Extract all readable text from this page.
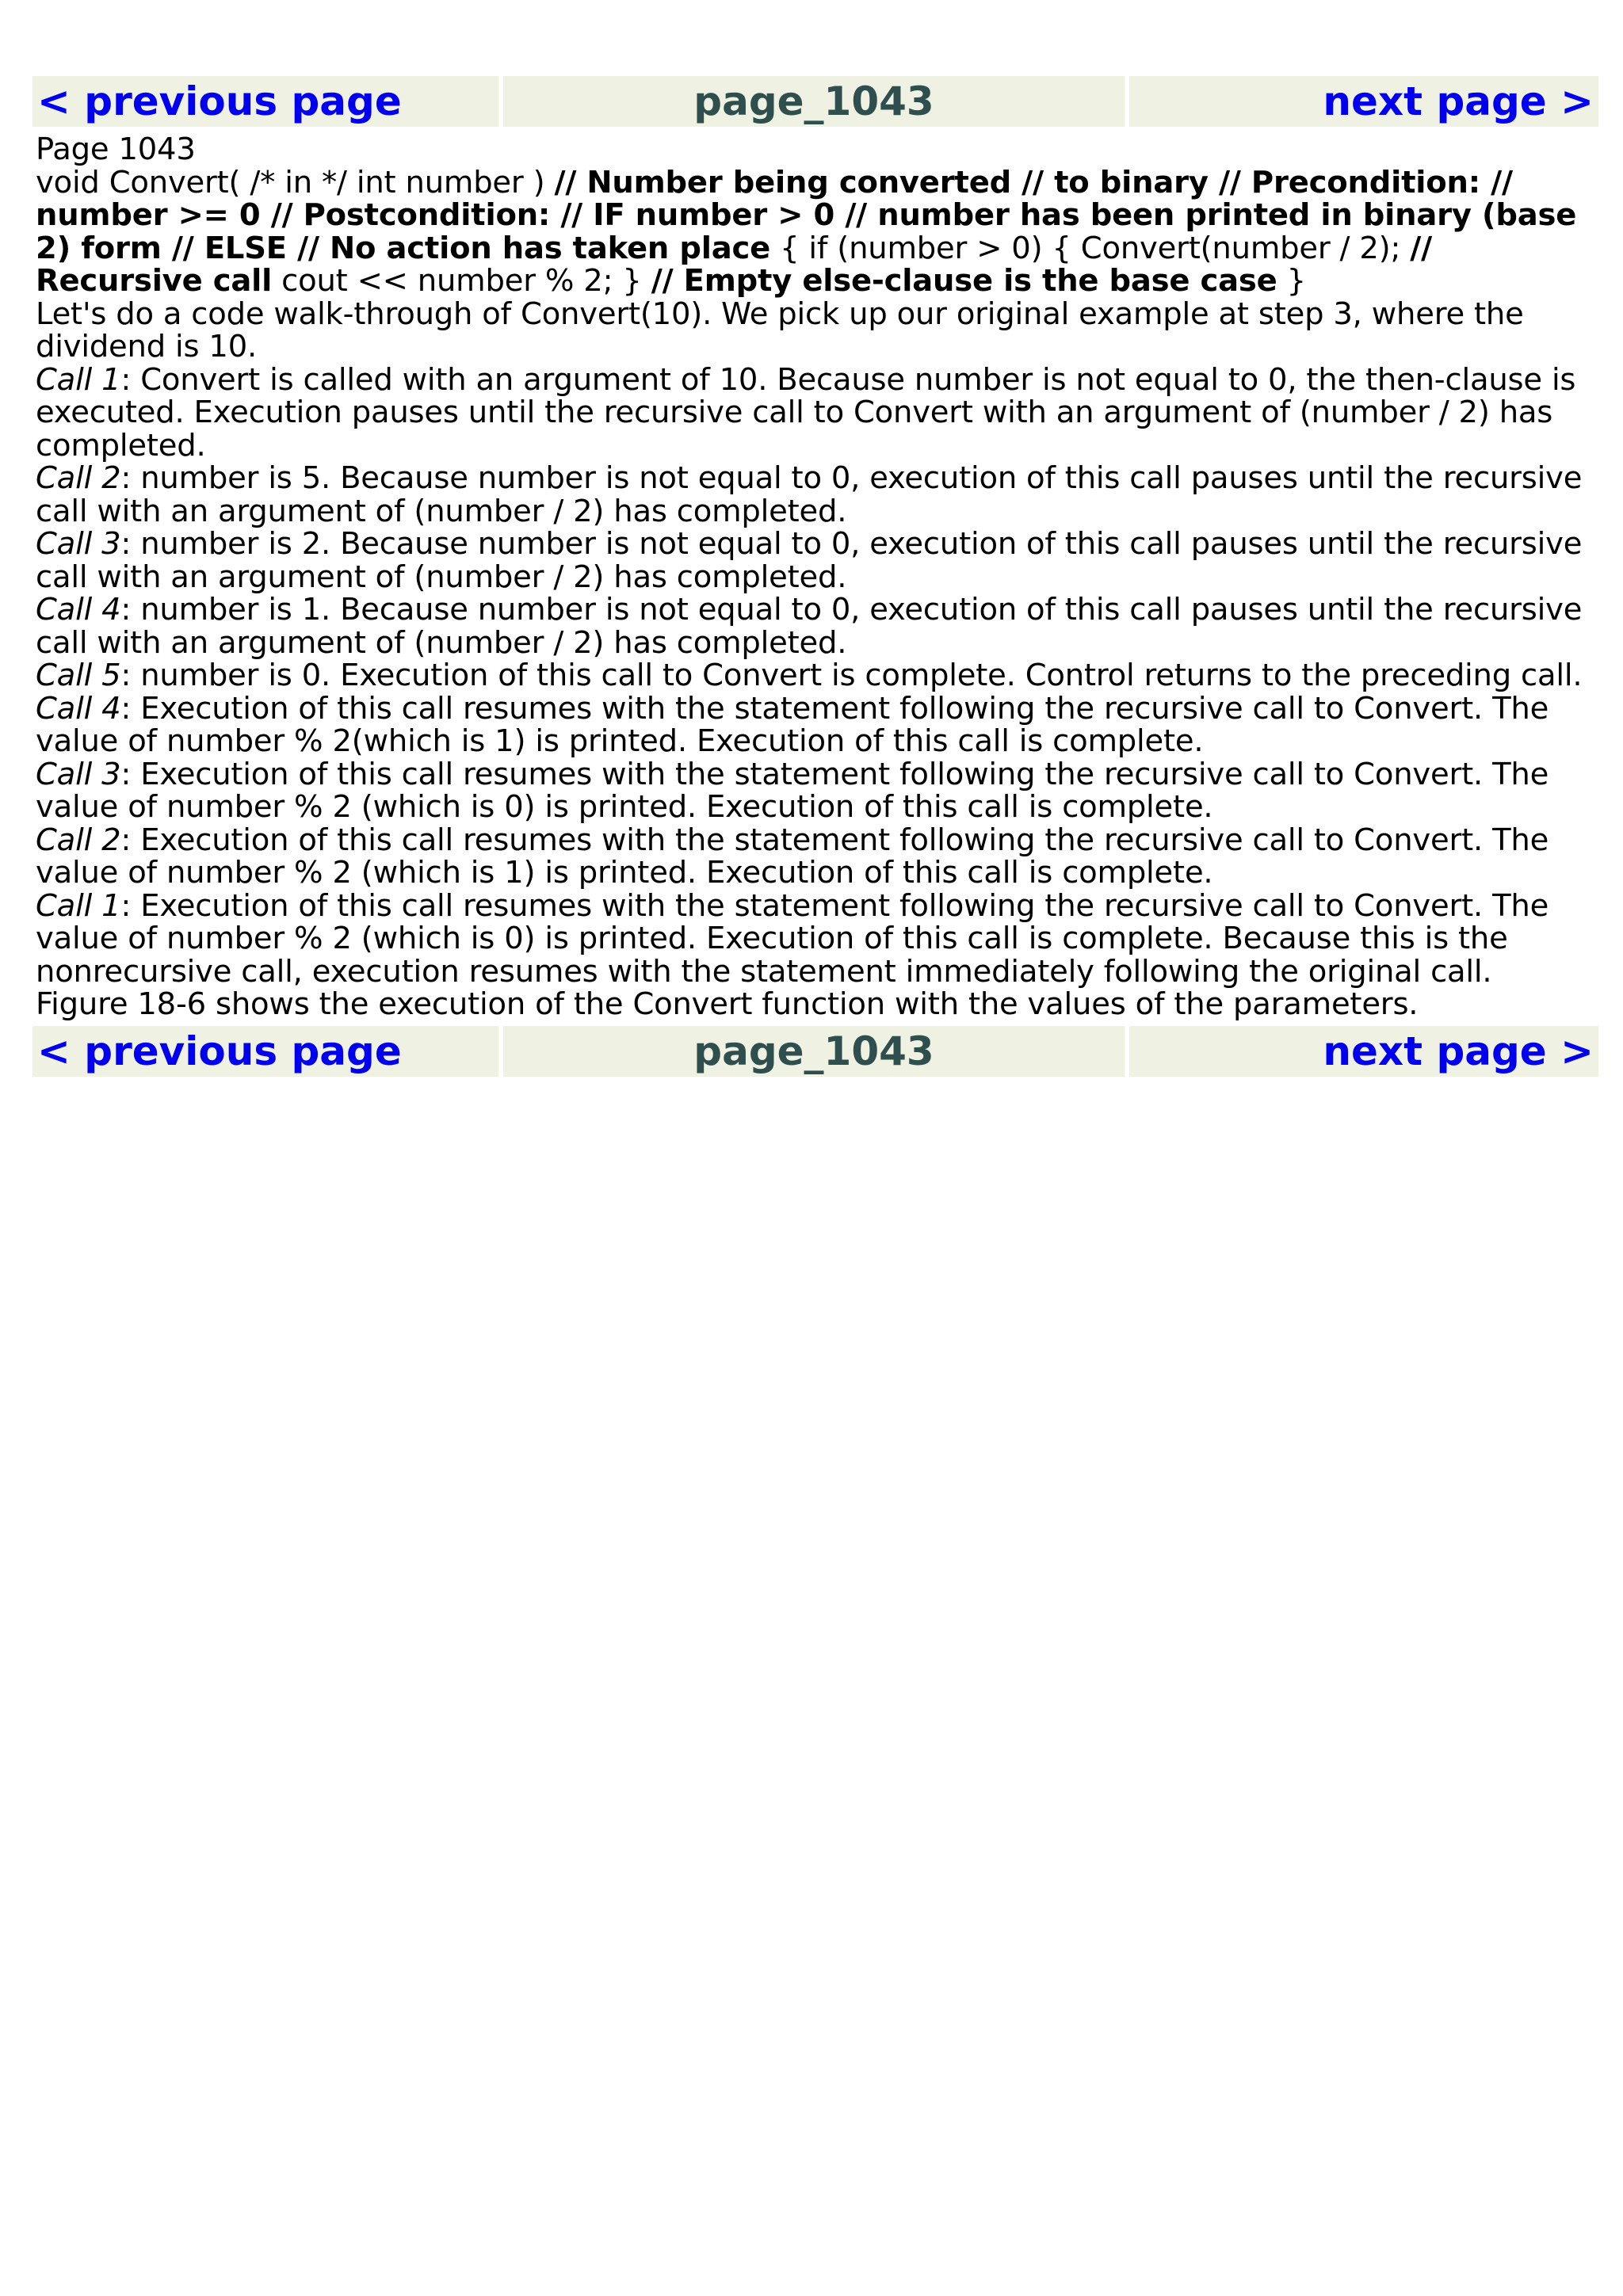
< previous page	page_1043	next page >

Page 1043

void Convert( /* in */ int number ) // Number being converted // to binary // Precondition: // number >= 0 // Postcondition: // IF number > 0 // number has been printed in binary (base 2) form // ELSE // No action has taken place { if (number > 0) { Convert(number / 2); // Recursive call cout << number % 2; } // Empty else-clause is the base case }

Let's do a code walk-through of Convert(10). We pick up our original example at step 3, where the dividend is 10.

Call 1: Convert is called with an argument of 10. Because number is not equal to 0, the then-clause is executed. Execution pauses until the recursive call to Convert with an argument of (number / 2) has completed.

Call 2: number is 5. Because number is not equal to 0, execution of this call pauses until the recursive call with an argument of (number / 2) has completed.

Call 3: number is 2. Because number is not equal to 0, execution of this call pauses until the recursive call with an argument of (number / 2) has completed.

Call 4: number is 1. Because number is not equal to 0, execution of this call pauses until the recursive call with an argument of (number / 2) has completed.

Call 5: number is 0. Execution of this call to Convert is complete. Control returns to the preceding call.

Call 4: Execution of this call resumes with the statement following the recursive call to Convert. The value of number % 2(which is 1) is printed. Execution of this call is complete.

Call 3: Execution of this call resumes with the statement following the recursive call to Convert. The value of number % 2 (which is 0) is printed. Execution of this call is complete.

Call 2: Execution of this call resumes with the statement following the recursive call to Convert. The value of number % 2 (which is 1) is printed. Execution of this call is complete.

Call 1: Execution of this call resumes with the statement following the recursive call to Convert. The value of number % 2 (which is 0) is printed. Execution of this call is complete. Because this is the nonrecursive call, execution resumes with the statement immediately following the original call.

Figure 18-6 shows the execution of the Convert function with the values of the parameters.

< previous page	page_1043	next page >
